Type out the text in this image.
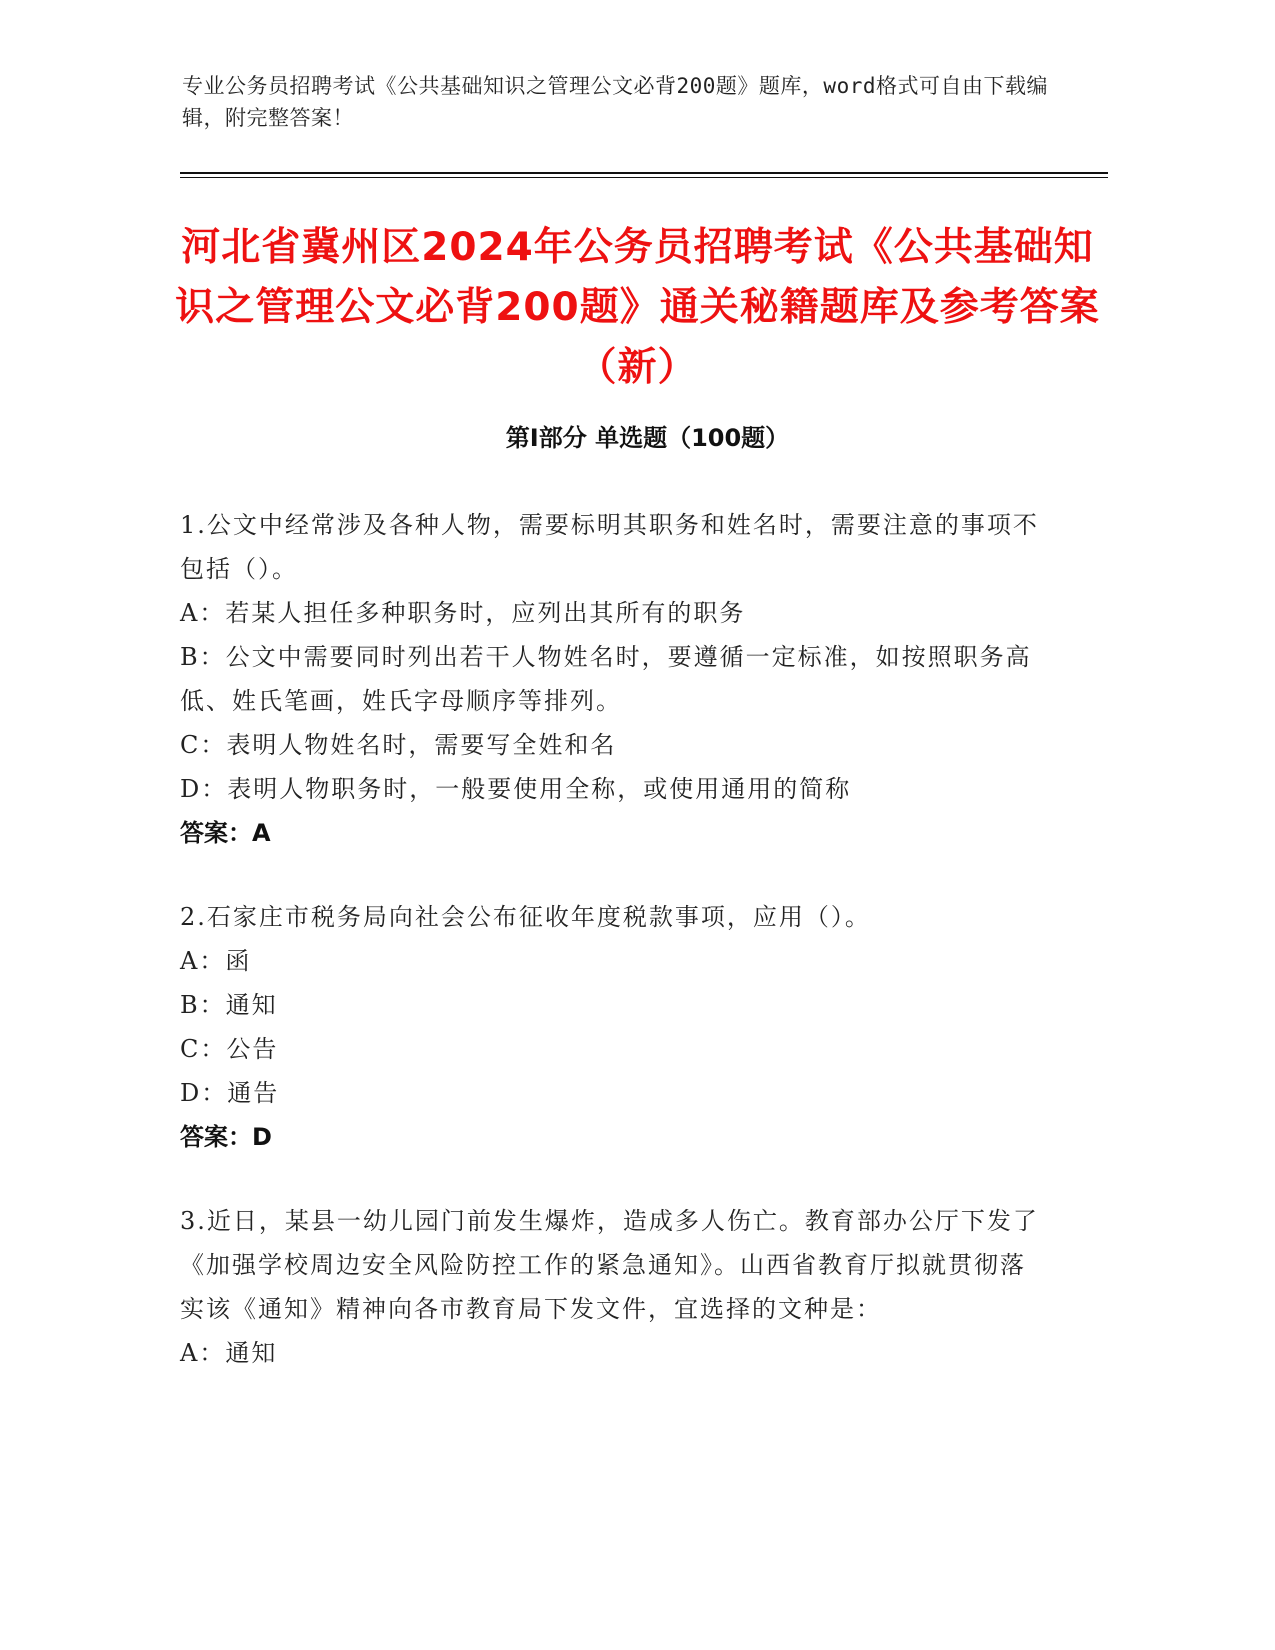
专业公务员招聘考试《公共基础知识之管理公文必背200题》题库，word格式可自由下载编辑，附完整答案！
河北省冀州区2024年公务员招聘考试《公共基础知识之管理公文必背200题》通关秘籍题库及参考答案（新）
第Ⅰ部分 单选题（100题）
1.公文中经常涉及各种人物，需要标明其职务和姓名时，需要注意的事项不包括（）。
A：若某人担任多种职务时，应列出其所有的职务
B：公文中需要同时列出若干人物姓名时，要遵循一定标准，如按照职务高低、姓氏笔画，姓氏字母顺序等排列。
C：表明人物姓名时，需要写全姓和名
D：表明人物职务时，一般要使用全称，或使用通用的简称
答案：A
2.石家庄市税务局向社会公布征收年度税款事项，应用（）。
A：函
B：通知
C：公告
D：通告
答案：D
3.近日，某县一幼儿园门前发生爆炸，造成多人伤亡。教育部办公厅下发了《加强学校周边安全风险防控工作的紧急通知》。山西省教育厅拟就贯彻落实该《通知》精神向各市教育局下发文件，宜选择的文种是：
A：通知
